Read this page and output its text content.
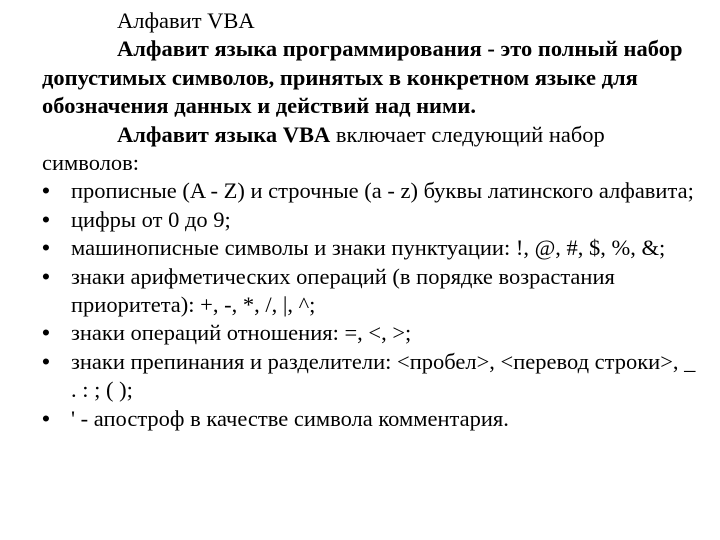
Алфавит VBA

Алфавит языка программирования - это полный набор допустимых символов, принятых в конкретном языке для обозначения данных и действий над ними.

Алфавит языка VBA включает следующий набор символов:

• прописные (A - Z) и строчные (а - z) буквы латинского алфавита;
• цифры от 0 до 9;
• машинописные символы и знаки пунктуации: !, @, #, $, %, &;
• знаки арифметических операций (в порядке возрастания приоритета): +, -, *, /, |, ^;
• знаки операций отношения: =, <, >;
• знаки препинания и разделители: <пробел>, <перевод строки>, _ . : ; ( );
• ' - апостроф в качестве символа комментария.
